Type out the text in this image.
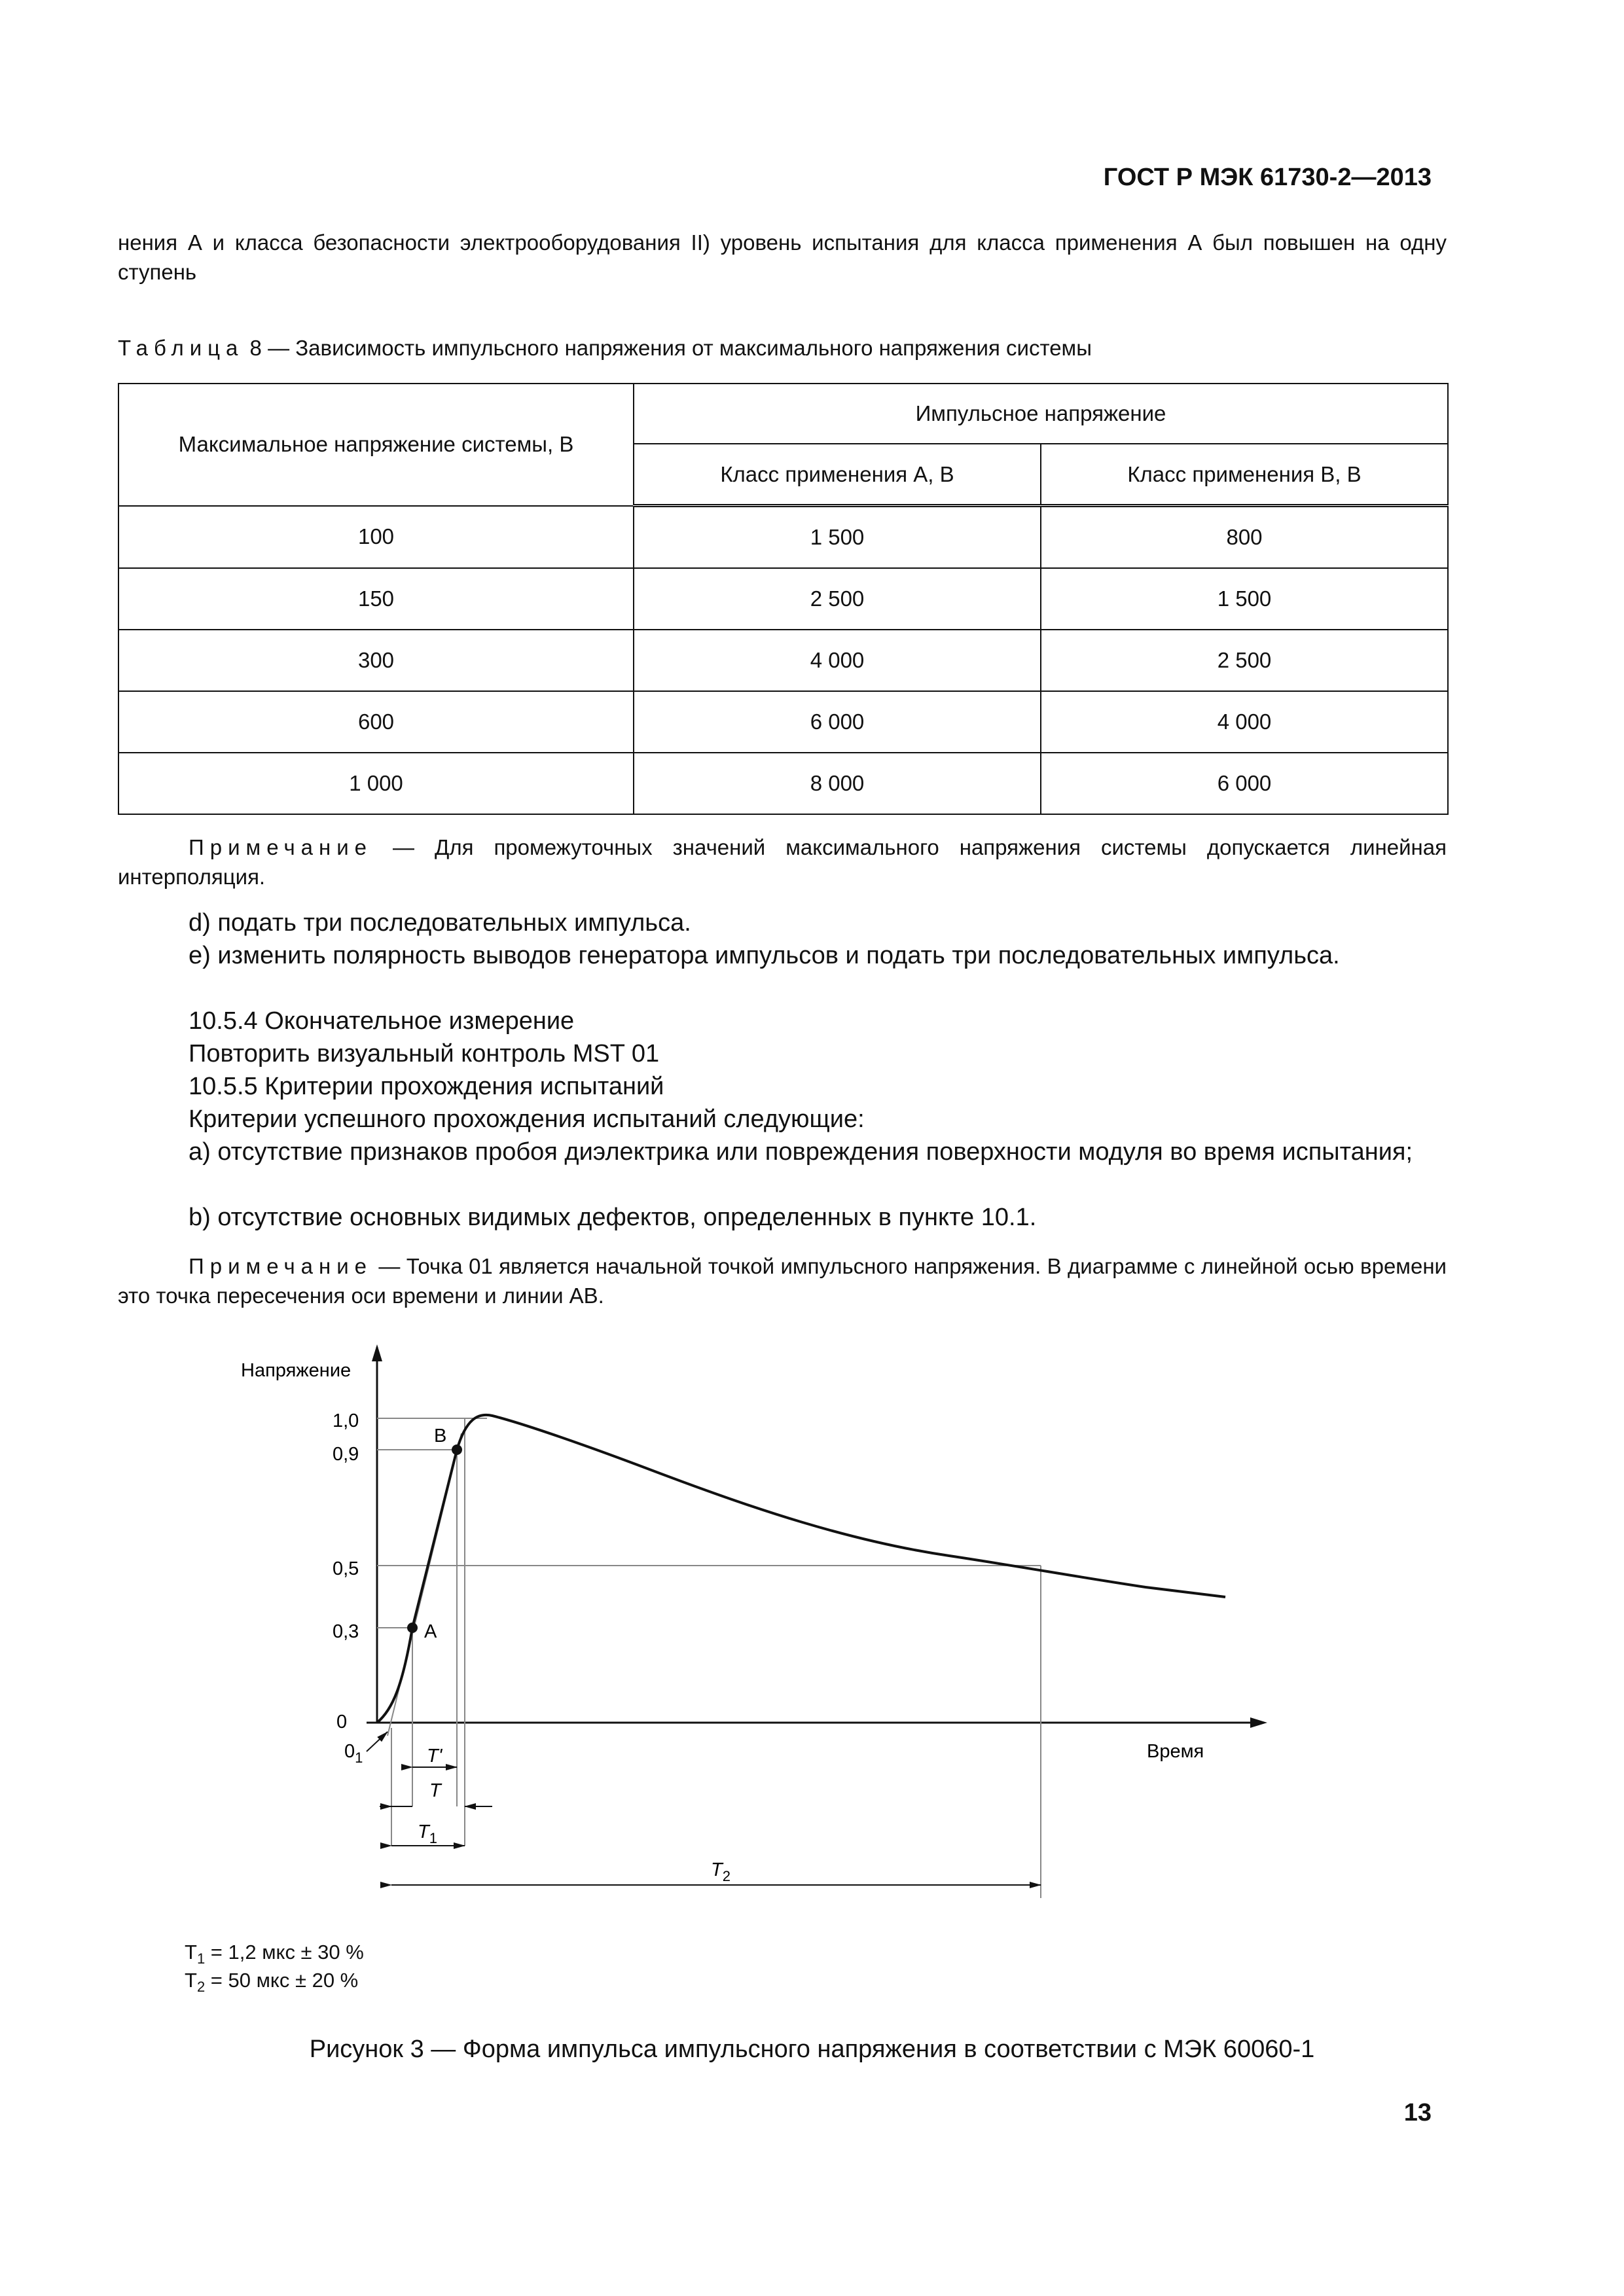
ГОСТ Р МЭК 61730-2—2013
нения А и класса безопасности электрооборудования II) уровень испытания для класса применения А был повышен на одну ступень
Таблица 8 — Зависимость импульсного напряжения от максимального напряжения системы
Максимальное напряжение системы, В	Импульсное напряжение	
	Класс применения А, В	Класс применения В, В
100	1 500	800
150	2 500	1 500
300	4 000	2 500
600	6 000	4 000
1 000	8 000	6 000
Примечание — Для промежуточных значений максимального напряжения системы допускается линейная интерполяция.
d) подать три последовательных импульса.
e) изменить полярность выводов генератора импульсов и подать три последовательных импульса.
10.5.4 Окончательное измерение
Повторить визуальный контроль MST 01
10.5.5 Критерии прохождения испытаний
Критерии успешного прохождения испытаний следующие:
a) отсутствие признаков пробоя диэлектрика или повреждения поверхности модуля во время испытания;
b) отсутствие основных видимых дефектов, определенных в пункте 10.1.
Примечание — Точка 01 является начальной точкой импульсного напряжения. В диаграмме с линейной осью времени это точка пересечения оси времени и линии АВ.
Напряжение
1,0
0,9
0,5
0,3
0
Время
A
B
$0_1$	T'
T
$T_1$
$T_2$
$T_1 = 1,2$ мкс ± 30 %
$T_2 = 50$ мкс ± 20 %
Рисунок 3 — Форма импульса импульсного напряжения в соответствии с МЭК 60060-1
13
